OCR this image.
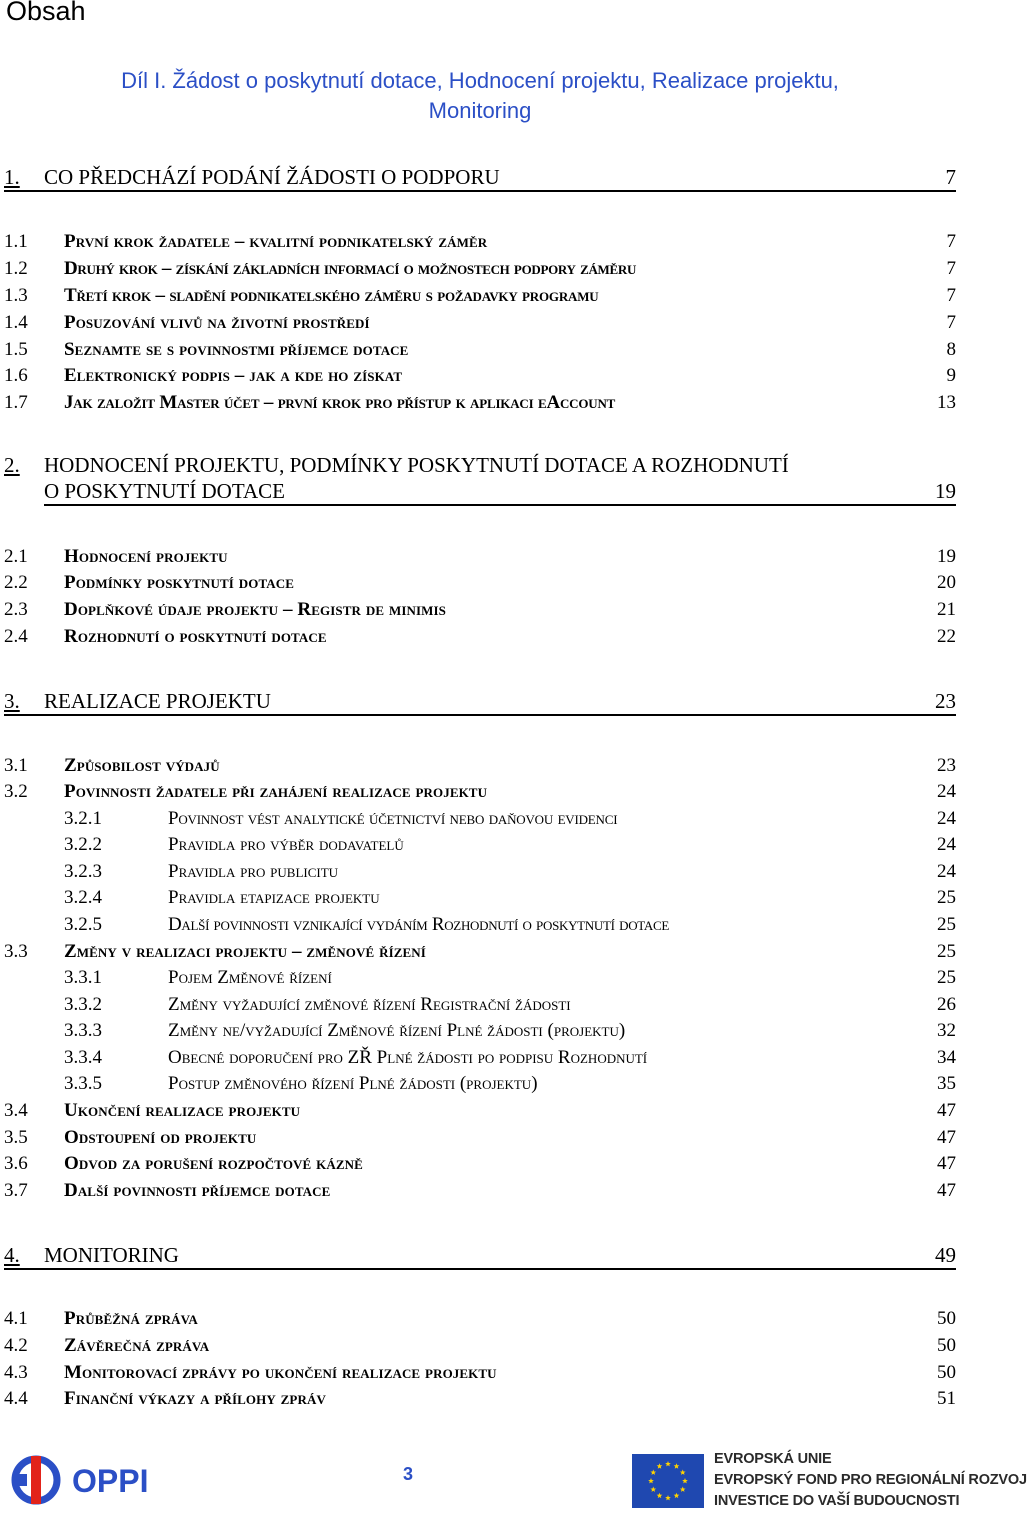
Obsah
Díl I. Žádost o poskytnutí dotace, Hodnocení projektu, Realizace projektu,
Monitoring
1.	CO PŘEDCHÁZÍ PODÁNÍ ŽÁDOSTI O PODPORU	7
1.1	První krok žadatele – kvalitní podnikatelský záměr	7
1.2	Druhý krok – získání základních informací o možnostech podpory záměru	7
1.3	Třetí krok – sladění podnikatelského záměru s požadavky programu	7
1.4	Posuzování vlivů na životní prostředí	7
1.5	Seznamte se s povinnostmi příjemce dotace	8
1.6	Elektronický podpis – jak a kde ho získat	9
1.7	Jak založit Master účet – první krok pro přístup k aplikaci eAccount	13
2.	HODNOCENÍ PROJEKTU, PODMÍNKY POSKYTNUTÍ DOTACE A ROZHODNUTÍ
O POSKYTNUTÍ DOTACE	19
2.1	Hodnocení projektu	19
2.2	Podmínky poskytnutí dotace	20
2.3	Doplňkové údaje projektu – Registr de minimis	21
2.4	Rozhodnutí o poskytnutí dotace	22
3.	REALIZACE PROJEKTU	23
3.1	Způsobilost výdajů	23
3.2	Povinnosti žadatele při zahájení realizace projektu	24
3.2.1	Povinnost vést analytické účetnictví nebo daňovou evidenci	24
3.2.2	Pravidla pro výběr dodavatelů	24
3.2.3	Pravidla pro publicitu	24
3.2.4	Pravidla etapizace projektu	25
3.2.5	Další povinnosti vznikající vydáním Rozhodnutí o poskytnutí dotace	25
3.3	Změny v realizaci projektu – změnové řízení	25
3.3.1	Pojem Změnové řízení	25
3.3.2	Změny vyžadující změnové řízení Registrační žádosti	26
3.3.3	Změny ne/vyžadující Změnové řízení Plné žádosti (projektu)	32
3.3.4	Obecné doporučení pro ZŘ Plné žádosti po podpisu Rozhodnutí	34
3.3.5	Postup změnového řízení Plné žádosti (projektu)	35
3.4	Ukončení realizace projektu	47
3.5	Odstoupení od projektu	47
3.6	Odvod za porušení rozpočtové kázně	47
3.7	Další povinnosti příjemce dotace	47
4.	MONITORING	49
4.1	Průběžná zpráva	50
4.2	Závěrečná zpráva	50
4.3	Monitorovací zprávy po ukončení realizace projektu	50
4.4	Finanční výkazy a přílohy zpráv	51
OPPI	3
EVROPSKÁ UNIE
EVROPSKÝ FOND PRO REGIONÁLNÍ ROZVOJ
INVESTICE DO VAŠÍ BUDOUCNOSTI
